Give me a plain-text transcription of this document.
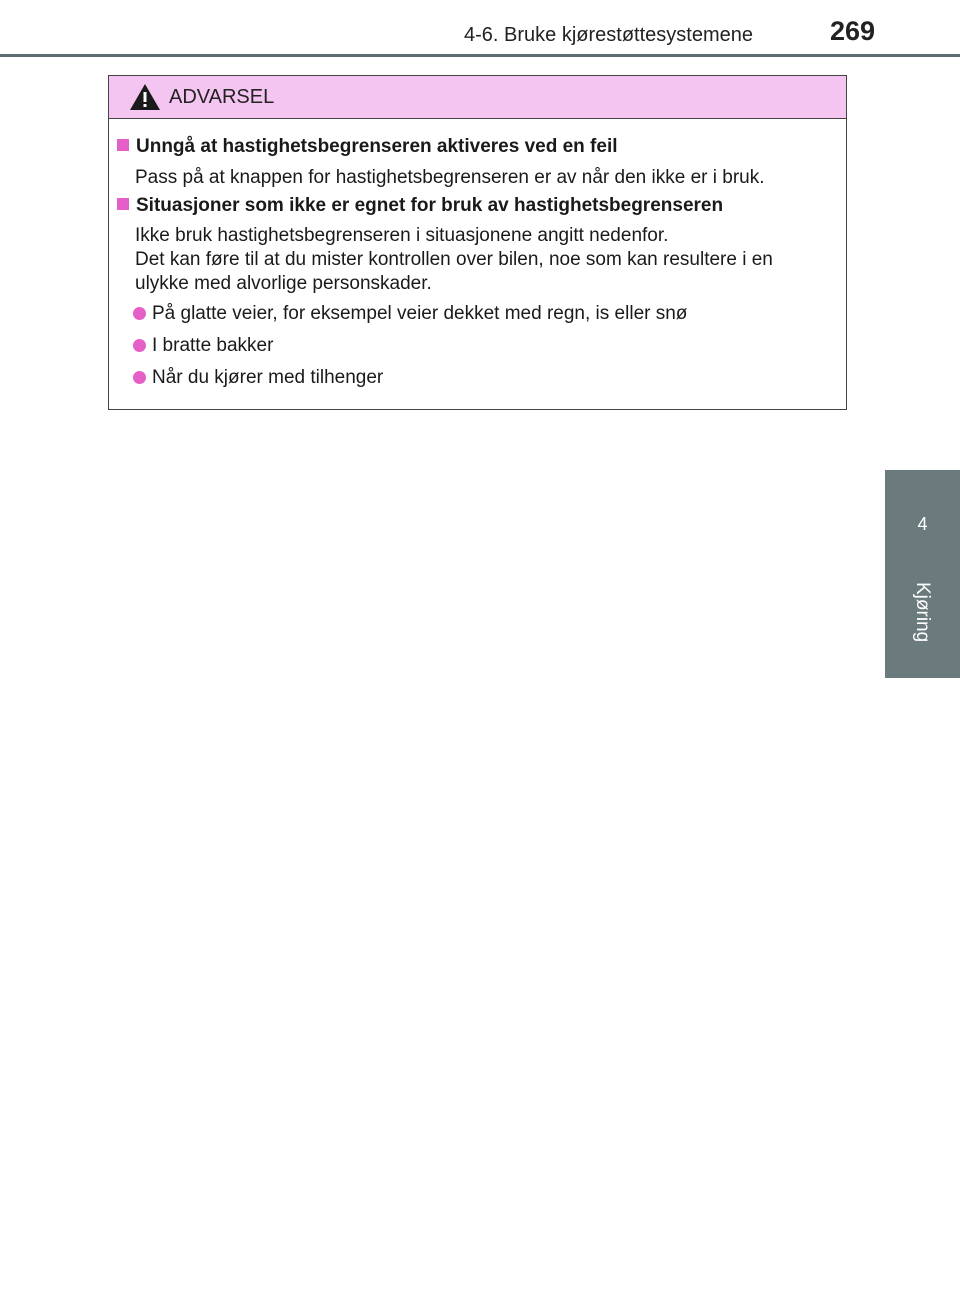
4-6. Bruke kjørestøttesystemene	269
4
Kjøring
ADVARSEL
Unngå at hastighetsbegrenseren aktiveres ved en feil
Pass på at knappen for hastighetsbegrenseren er av når den ikke er i bruk.
Situasjoner som ikke er egnet for bruk av hastighetsbegrenseren
Ikke bruk hastighetsbegrenseren i situasjonene angitt nedenfor.
Det kan føre til at du mister kontrollen over bilen, noe som kan resultere i en
ulykke med alvorlige personskader.
På glatte veier, for eksempel veier dekket med regn, is eller snø
I bratte bakker
Når du kjører med tilhenger
